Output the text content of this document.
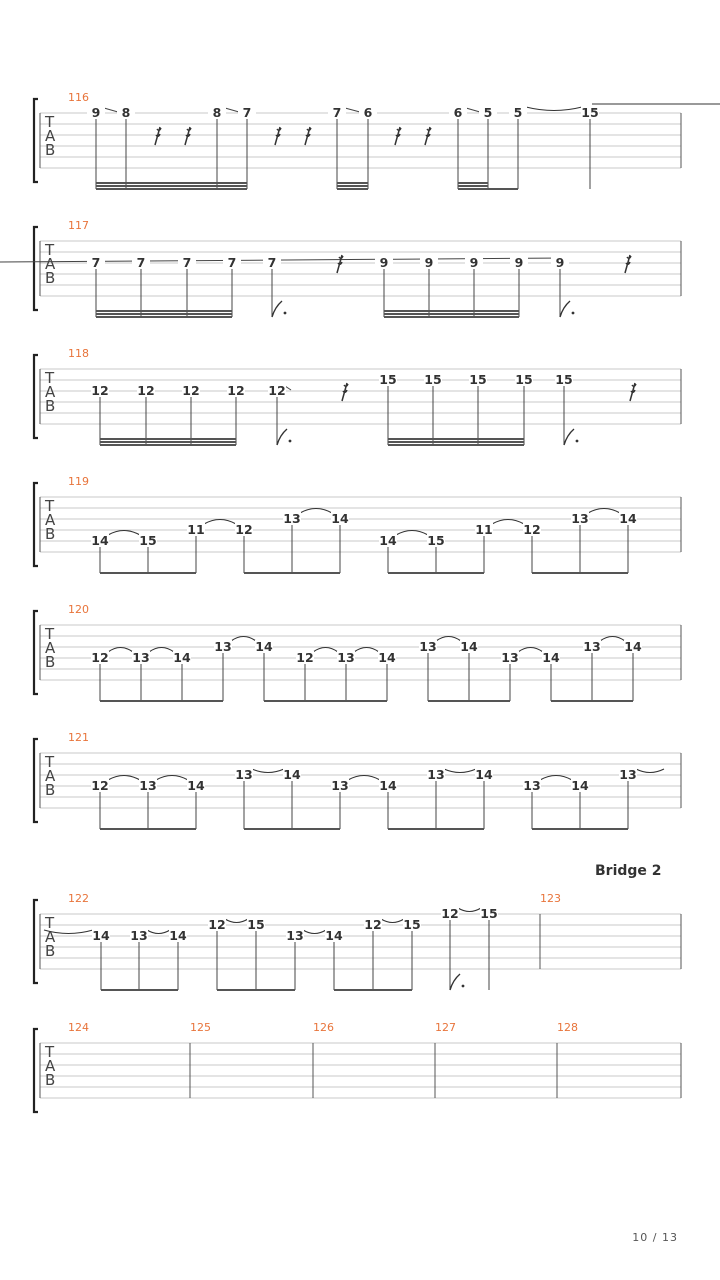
T
A
B
116
9 8	8 7	7 6	6 5 5	15
T
A
B
117
7	7	7	7	7	9	9	9	9	9
T
A
B
118
12 12 12 12 12
15 15 15 15 15
T
A
B
119
14 15
11 12
13 14
14 15
11 12
13 14
T
A
B
120
12 13 14
13 14
12 13 14
13 14
13 14
13 14
T
A
B
121
12 13 14
13 14
13 14
13 14
13 14
13
T
A
B
122	123
14 13 14
12 15
13 14
12 15
12 15
T
A
B
124	125	126	127	128
Bridge 2
10 / 13
